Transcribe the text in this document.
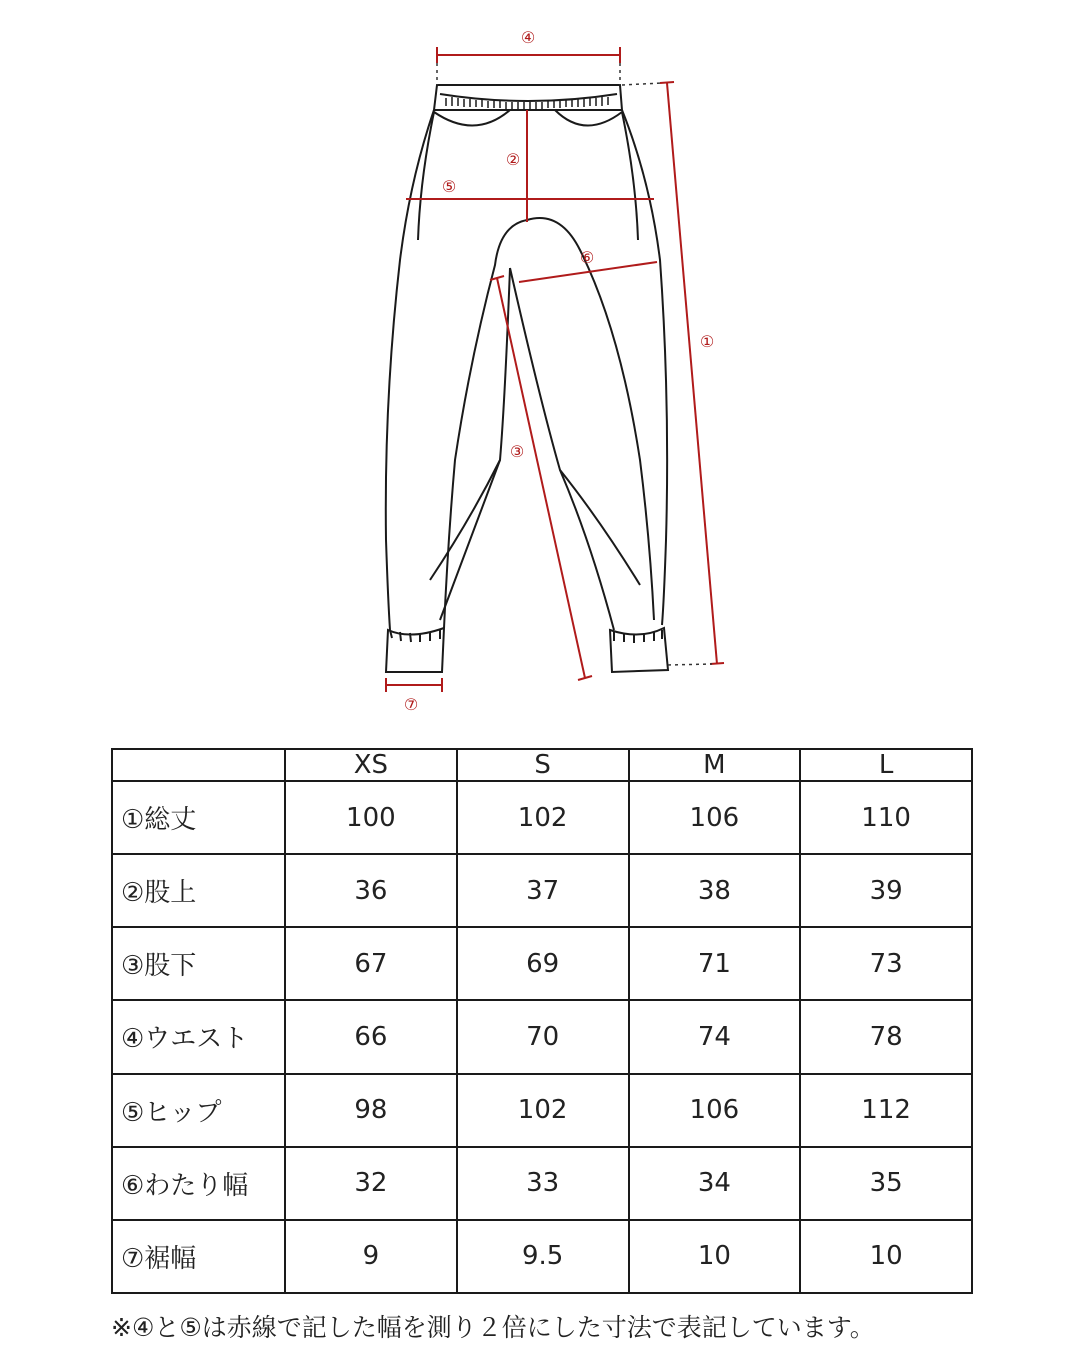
④
②
⑤
⑥
①
③
⑦
	XS	S	M	L
①総丈	100	102	106	110
②股上	36	37	38	39
③股下	67	69	71	73
④ウエスト	66	70	74	78
⑤ヒップ	98	102	106	112
⑥わたり幅	32	33	34	35
⑦裾幅	9	9.5	10	10
※④と⑤は赤線で記した幅を測り２倍にした寸法で表記しています。
